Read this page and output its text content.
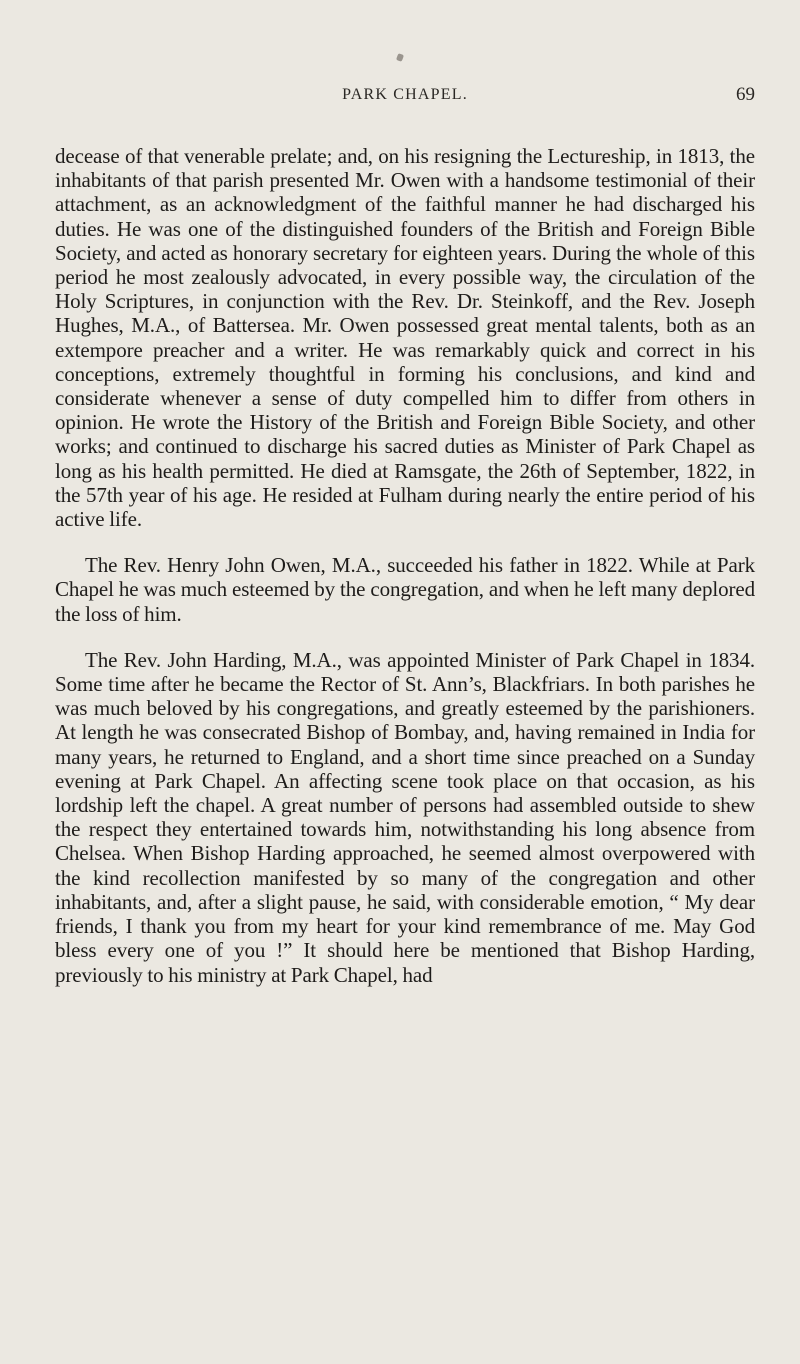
PARK CHAPEL.	69

decease of that venerable prelate; and, on his resigning the Lectureship, in 1813, the inhabitants of that parish presented Mr. Owen with a handsome testimonial of their attachment, as an acknowledgment of the faithful manner he had discharged his duties. He was one of the distinguished founders of the British and Foreign Bible Society, and acted as honorary secretary for eighteen years. During the whole of this period he most zealously advocated, in every possible way, the circulation of the Holy Scriptures, in conjunction with the Rev. Dr. Steinkoff, and the Rev. Joseph Hughes, M.A., of Battersea. Mr. Owen possessed great mental talents, both as an extempore preacher and a writer. He was remarkably quick and correct in his conceptions, extremely thoughtful in forming his conclusions, and kind and considerate whenever a sense of duty compelled him to differ from others in opinion. He wrote the History of the British and Foreign Bible Society, and other works; and continued to discharge his sacred duties as Minister of Park Chapel as long as his health permitted. He died at Ramsgate, the 26th of September, 1822, in the 57th year of his age. He resided at Fulham during nearly the entire period of his active life.

The Rev. Henry John Owen, M.A., succeeded his father in 1822. While at Park Chapel he was much esteemed by the congregation, and when he left many deplored the loss of him.

The Rev. John Harding, M.A., was appointed Minister of Park Chapel in 1834. Some time after he became the Rector of St. Ann’s, Blackfriars. In both parishes he was much beloved by his congregations, and greatly esteemed by the parishioners. At length he was consecrated Bishop of Bombay, and, having remained in India for many years, he returned to England, and a short time since preached on a Sunday evening at Park Chapel. An affecting scene took place on that occasion, as his lordship left the chapel. A great number of persons had assembled outside to shew the respect they entertained towards him, notwithstanding his long absence from Chelsea. When Bishop Harding approached, he seemed almost overpowered with the kind recollection manifested by so many of the congregation and other inhabitants, and, after a slight pause, he said, with considerable emotion, “ My dear friends, I thank you from my heart for your kind remembrance of me. May God bless every one of you !” It should here be mentioned that Bishop Harding, previously to his ministry at Park Chapel, had
